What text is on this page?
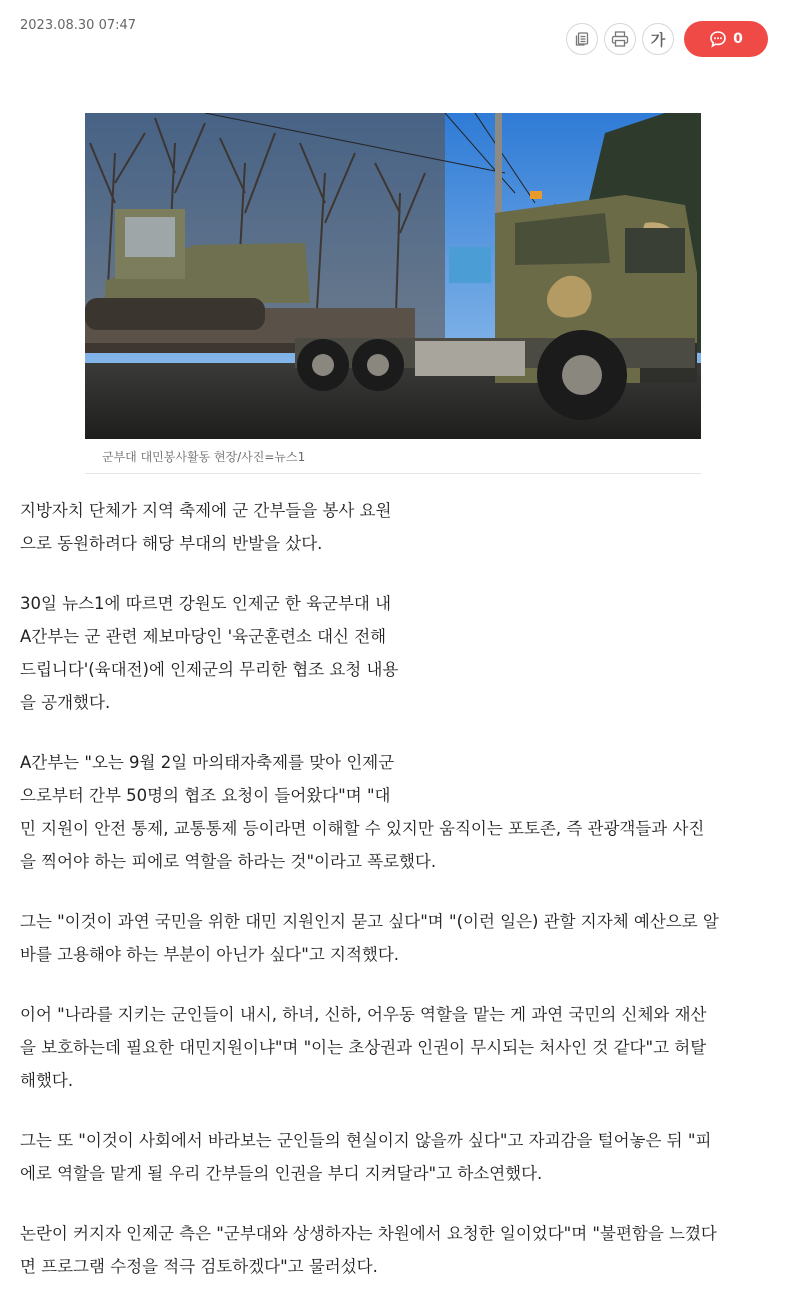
2023.08.30 07:47
가	0
군부대 대민봉사활동 현장/사진=뉴스1

지방자치 단체가 지역 축제에 군 간부들을 봉사 요원
으로 동원하려다 해당 부대의 반발을 샀다.

30일 뉴스1에 따르면 강원도 인제군 한 육군부대 내
A간부는 군 관련 제보마당인 '육군훈련소 대신 전해
드립니다'(육대전)에 인제군의 무리한 협조 요청 내용
을 공개했다.

A간부는 "오는 9월 2일 마의태자축제를 맞아 인제군
으로부터 간부 50명의 협조 요청이 들어왔다"며 "대
민 지원이 안전 통제, 교통통제 등이라면 이해할 수 있지만 움직이는 포토존, 즉 관광객들과 사진
을 찍어야 하는 피에로 역할을 하라는 것"이라고 폭로했다.

그는 "이것이 과연 국민을 위한 대민 지원인지 묻고 싶다"며 "(이런 일은) 관할 지자체 예산으로 알
바를 고용해야 하는 부분이 아닌가 싶다"고 지적했다.

이어 "나라를 지키는 군인들이 내시, 하녀, 신하, 어우동 역할을 맡는 게 과연 국민의 신체와 재산
을 보호하는데 필요한 대민지원이냐"며 "이는 초상권과 인권이 무시되는 처사인 것 같다"고 허탈
해했다.

그는 또 "이것이 사회에서 바라보는 군인들의 현실이지 않을까 싶다"고 자괴감을 털어놓은 뒤 "피
에로 역할을 맡게 될 우리 간부들의 인권을 부디 지켜달라"고 하소연했다.

논란이 커지자 인제군 측은 "군부대와 상생하자는 차원에서 요청한 일이었다"며 "불편함을 느꼈다
면 프로그램 수정을 적극 검토하겠다"고 물러섰다.
